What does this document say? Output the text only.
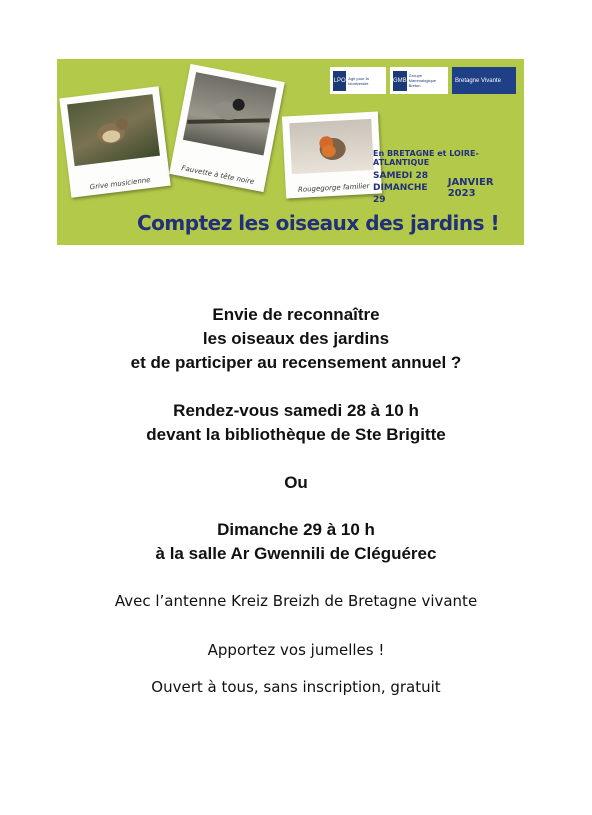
Grive musicienne	Fauvette à tête noire
Rougegorge familier
LPO Agir pour la biodiversité	GMB
Groupe Mammalogique Breton
Bretagne Vivante
En BRETAGNE et LOIRE-ATLANTIQUE
SAMEDI 28
DIMANCHE 29
JANVIER 2023
Comptez les oiseaux des jardins !
Envie de reconnaître
les oiseaux des jardins
et de participer au recensement annuel ?
Rendez-vous samedi 28 à 10 h
devant la bibliothèque de Ste Brigitte
Ou
Dimanche 29 à 10 h
à la salle Ar Gwennili de Cléguérec
Avec l’antenne Kreiz Breizh de Bretagne vivante
Apportez vos jumelles !
Ouvert à tous, sans inscription, gratuit
